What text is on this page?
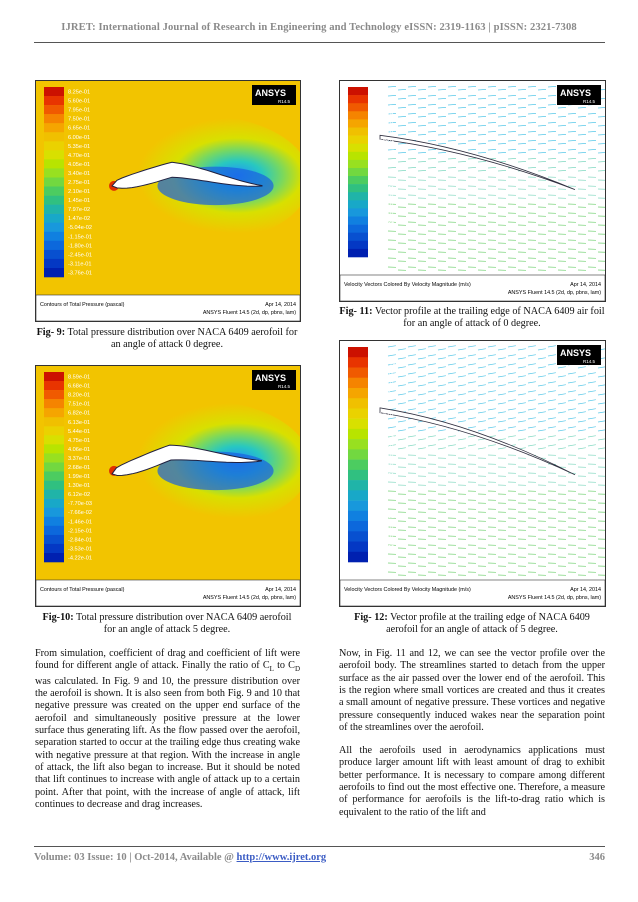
IJRET: International Journal of Research in Engineering and Technology eISSN: 2319-1163 | pISSN: 2321-7308
8.25e-01
5.60e-01
7.95e-01
7.50e-01
6.65e-01
6.00e-01
5.35e-01
4.70e-01
4.05e-01
3.40e-01
2.75e-01
2.10e-01
1.45e-01
7.97e-02
1.47e-02
-5.04e-02
-1.15e-01
-1.80e-01
-2.45e-01
-3.11e-01
-3.76e-01
ANSYS
R14.5
Contours of Total Pressure (pascal)	Apr 14, 2014
ANSYS Fluent 14.5 (2d, dp, pbns, lam)
Fig- 9: Total pressure distribution over NACA 6409 aerofoil for an angle of attack 0 degree.
8.59e-01
6.68e-01
8.20e-01
7.51e-01
6.82e-01
6.13e-01
5.44e-01
4.75e-01
4.06e-01
3.37e-01
2.68e-01
1.99e-01
1.30e-01
6.12e-02
-7.70e-03
-7.66e-02
-1.46e-01
-2.15e-01
-2.84e-01
-3.53e-01
-4.22e-01
ANSYS
R14.5
Contours of Total Pressure (pascal)	Apr 14, 2014
ANSYS Fluent 14.5 (2d, dp, pbns, lam)
Fig-10: Total pressure distribution over NACA 6409 aerofoil for an angle of attack 5 degree.
1.18e+00
1.10e+00
1.04e+00
9.95e-01
9.29e-01
8.71e-01
8.14e-01
7.57e-01
6.99e-01
6.42e-01
5.85e-01
5.27e-01
4.70e-01
4.13e-01
3.55e-01
2.98e-01
2.41e-01
1.83e-01
1.26e-01
6.84e-02
1.11e-02
ANSYS
R14.5
Velocity Vectors Colored By Velocity Magnitude (m/s)	Apr 14, 2014
ANSYS Fluent 14.5 (2d, dp, pbns, lam)
Fig- 11: Vector profile at the trailing edge of NACA 6409 air foil for an angle of attack of 0 degree.
1.18e+00
1.13e+00
1.06e+00
9.85e-01
9.30e-01
8.72e-01
8.15e-01
7.58e-01
7.00e-01
6.43e-01
5.86e-01
5.28e-01
4.71e-01
4.13e-01
3.56e-01
2.98e-01
2.41e-01
1.84e-01
1.26e-01
6.85e-02
1.13e-02
ANSYS
R14.5
Velocity Vectors Colored By Velocity Magnitude (m/s)	Apr 14, 2014
ANSYS Fluent 14.5 (2d, dp, pbns, lam)
Fig- 12: Vector profile at the trailing edge of NACA 6409 aerofoil for an angle of attack of 5 degree.
From simulation, coefficient of drag and coefficient of lift were found for different angle of attack. Finally the ratio of $C_L$ to $C_D$ was calculated. In Fig. 9 and 10, the pressure distribution over the aerofoil is shown. It is also seen from both Fig. 9 and 10 that negative pressure was created on the upper end surface of the aerofoil and simultaneously positive pressure at the lower surface thus generating lift. As the flow passed over the aerofoil, separation started to occur at the trailing edge thus creating wake with negative pressure at that region. With the increase in angle of attack, the lift also began to increase. But it should be noted that lift continues to increase with angle of attack up to a certain point. After that point, with the increase of angle of attack, lift continues to decrease and drag increases.
Now, in Fig. 11 and 12, we can see the vector profile over the aerofoil body. The streamlines started to detach from the upper surface as the air passed over the lower end of the aerofoil. This is the region where small vortices are created and thus it creates a small amount of negative pressure. These vortices and negative pressure consequently induced wakes near the separation point of the streamlines over the aerofoil.
All the aerofoils used in aerodynamics applications must produce larger amount lift with least amount of drag to exhibit better performance. It is necessary to compare among different aerofoils to find out the most effective one. Therefore, a measure of performance for aerofoils is the lift-to-drag ratio which is equivalent to the ratio of the lift and
Volume: 03 Issue: 10 | Oct-2014, Available @ http://www.ijret.org	346
